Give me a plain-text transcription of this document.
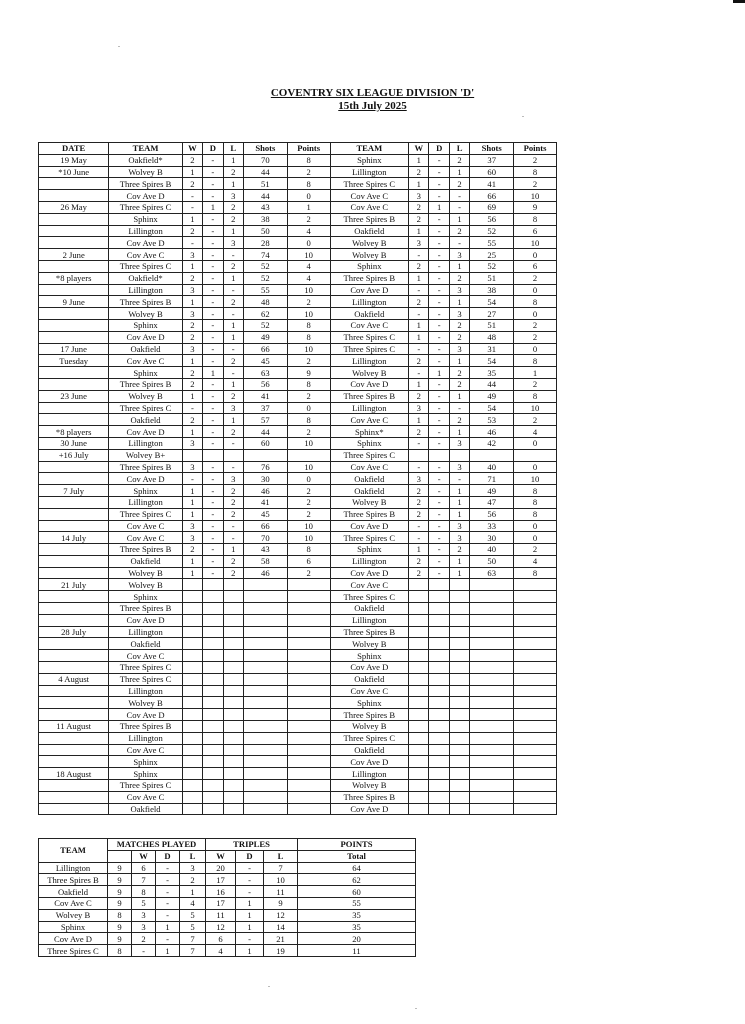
COVENTRY SIX LEAGUE DIVISION 'D'
15th July 2025
DATE	TEAM	W	D	L	Shots	Points	TEAM	W	D	L	Shots	Points
19 May	Oakfield*	2	-	1	70	8	Sphinx	1	-	2	37	2
*10 June	Wolvey B	1	-	2	44	2	Lillington	2	-	1	60	8
	Three Spires B	2	-	1	51	8	Three Spires C	1	-	2	41	2
	Cov Ave D	-	-	3	44	0	Cov Ave C	3	-	-	66	10
26 May	Three Spires C	-	1	2	43	1	Cov Ave C	2	1	-	69	9
	Sphinx	1	-	2	38	2	Three Spires B	2	-	1	56	8
	Lillington	2	-	1	50	4	Oakfield	1	-	2	52	6
	Cov Ave D	-	-	3	28	0	Wolvey B	3	-	-	55	10
2 June	Cov Ave C	3	-	-	74	10	Wolvey B	-	-	3	25	0
	Three Spires C	1	-	2	52	4	Sphinx	2	-	1	52	6
*8 players	Oakfield*	2	-	1	52	4	Three Spires B	1	-	2	51	2
	Lillington	3	-	-	55	10	Cov Ave D	-	-	3	38	0
9 June	Three Spires B	1	-	2	48	2	Lillington	2	-	1	54	8
	Wolvey B	3	-	-	62	10	Oakfield	-	-	3	27	0
	Sphinx	2	-	1	52	8	Cov Ave C	1	-	2	51	2
	Cov Ave D	2	-	1	49	8	Three Spires C	1	-	2	48	2
17 June	Oakfield	3	-	-	66	10	Three Spires C	-	-	3	31	0
Tuesday	Cov Ave C	1	-	2	45	2	Lillington	2	-	1	54	8
	Sphinx	2	1	-	63	9	Wolvey B	-	1	2	35	1
	Three Spires B	2	-	1	56	8	Cov Ave D	1	-	2	44	2
23 June	Wolvey B	1	-	2	41	2	Three Spires B	2	-	1	49	8
	Three Spires C	-	-	3	37	0	Lillington	3	-	-	54	10
	Oakfield	2	-	1	57	8	Cov Ave C	1	-	2	53	2
*8 players	Cov Ave D	1	-	2	44	2	Sphinx*	2	-	1	46	4
30 June	Lillington	3	-	-	60	10	Sphinx	-	-	3	42	0
+16 July	Wolvey B+						Three Spires C					
	Three Spires B	3	-	-	76	10	Cov Ave C	-	-	3	40	0
	Cov Ave D	-	-	3	30	0	Oakfield	3	-	-	71	10
7 July	Sphinx	1	-	2	46	2	Oakfield	2	-	1	49	8
	Lillington	1	-	2	41	2	Wolvey B	2	-	1	47	8
	Three Spires C	1	-	2	45	2	Three Spires B	2	-	1	56	8
	Cov Ave C	3	-	-	66	10	Cov Ave D	-	-	3	33	0
14 July	Cov Ave C	3	-	-	70	10	Three Spires C	-	-	3	30	0
	Three Spires B	2	-	1	43	8	Sphinx	1	-	2	40	2
	Oakfield	1	-	2	58	6	Lillington	2	-	1	50	4
	Wolvey B	1	-	2	46	2	Cov Ave D	2	-	1	63	8
21 July	Wolvey B						Cov Ave C					
	Sphinx						Three Spires C					
	Three Spires B						Oakfield					
	Cov Ave D						Lillington					
28 July	Lillington						Three Spires B					
	Oakfield						Wolvey B					
	Cov Ave C						Sphinx					
	Three Spires C						Cov Ave D					
4 August	Three Spires C						Oakfield					
	Lillington						Cov Ave C					
	Wolvey B						Sphinx					
	Cov Ave D						Three Spires B					
11 August	Three Spires B						Wolvey B					
	Lillington						Three Spires C					
	Cov Ave C						Oakfield					
	Sphinx						Cov Ave D					
18 August	Sphinx						Lillington					
	Three Spires C						Wolvey B					
	Cov Ave C						Three Spires B					
	Oakfield						Cov Ave D					
TEAM	MATCHES PLAYED				TRIPLES			POINTS
		W	D	L	W	D	L	Total
Lillington	9	6	-	3	20	-	7	64
Three Spires B	9	7	-	2	17	-	10	62
Oakfield	9	8	-	1	16	-	11	60
Cov Ave C	9	5	-	4	17	1	9	55
Wolvey B	8	3	-	5	11	1	12	35
Sphinx	9	3	1	5	12	1	14	35
Cov Ave D	9	2	-	7	6	-	21	20
Three Spires C	8	-	1	7	4	1	19	11
